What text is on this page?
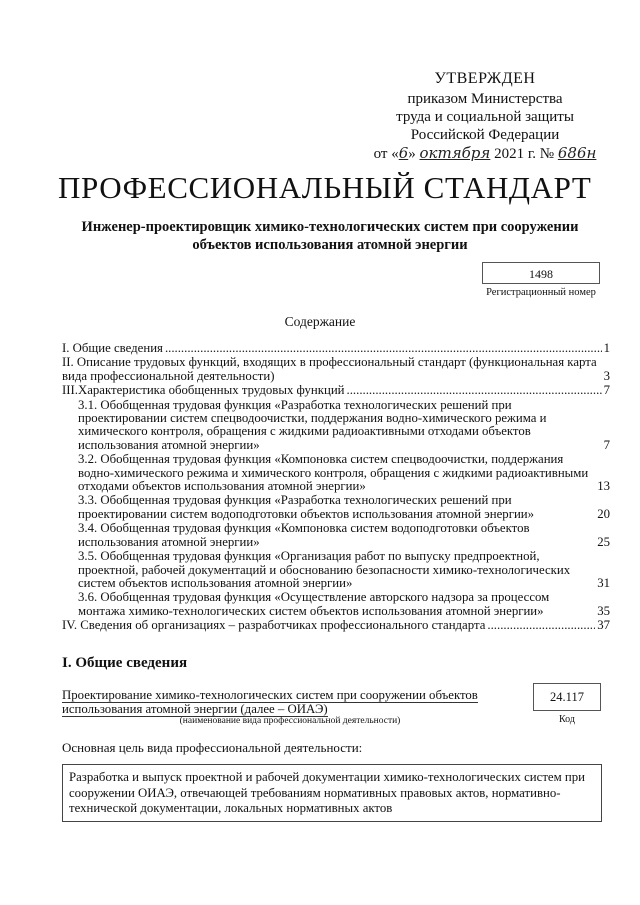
УТВЕРЖДЕН
приказом Министерства
труда и социальной защиты
Российской Федерации
от «6» октября 2021 г. № 686н
ПРОФЕССИОНАЛЬНЫЙ СТАНДАРТ
Инженер-проектировщик химико-технологических систем при сооружении объектов использования атомной энергии
1498
Регистрационный номер
Содержание
I. Общие сведения .....	1
II. Описание трудовых функций, входящих в профессиональный стандарт (функциональная карта вида профессиональной деятельности)	3
III.Характеристика обобщенных трудовых функций .....	7
3.1. Обобщенная трудовая функция «Разработка технологических решений при проектировании систем спецводоочистки, поддержания водно-химического режима и химического контроля, обращения с жидкими радиоактивными отходами объектов использования атомной энергии»	7
3.2. Обобщенная трудовая функция «Компоновка систем спецводоочистки, поддержания водно-химического режима и химического контроля, обращения с жидкими радиоактивными отходами объектов использования атомной энергии»	13
3.3. Обобщенная трудовая функция «Разработка технологических решений при проектировании систем водоподготовки объектов использования атомной энергии»	20
3.4. Обобщенная трудовая функция «Компоновка систем водоподготовки объектов использования атомной энергии»	25
3.5. Обобщенная трудовая функция «Организация работ по выпуску предпроектной, проектной, рабочей документаций и обоснованию безопасности химико-технологических систем объектов использования атомной энергии»	31
3.6. Обобщенная трудовая функция «Осуществление авторского надзора за процессом монтажа химико-технологических систем объектов использования атомной энергии»	35
IV. Сведения об организациях – разработчиках профессионального стандарта .....	37
I. Общие сведения
Проектирование химико-технологических систем при сооружении объектов использования атомной энергии (далее – ОИАЭ)
(наименование вида профессиональной деятельности)
24.117
Код
Основная цель вида профессиональной деятельности:
Разработка и выпуск проектной и рабочей документации химико-технологических систем при сооружении ОИАЭ, отвечающей требованиям нормативных правовых актов, нормативно-технической документации, локальных нормативных актов
